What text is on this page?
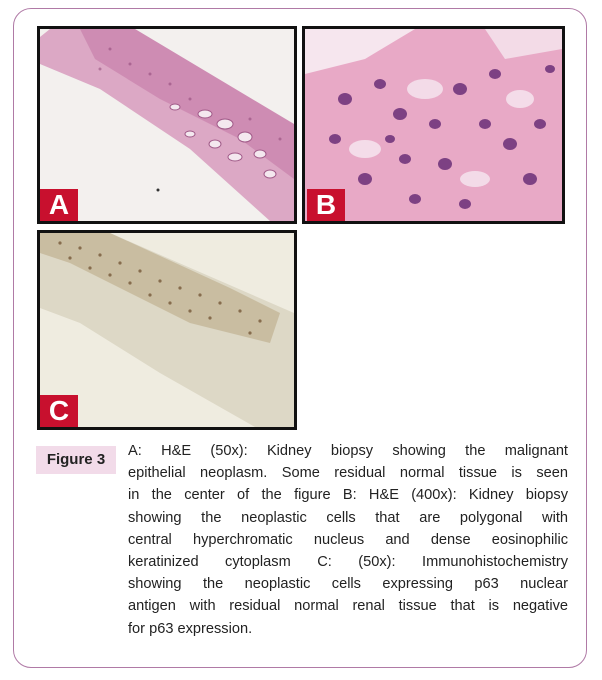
A	B
C
Figure 3	A: H&E (50x): Kidney biopsy showing the malignant
epithelial neoplasm. Some residual normal tissue is seen
in the center of the figure B: H&E (400x): Kidney biopsy
showing the neoplastic cells that are polygonal with
central hyperchromatic nucleus and dense eosinophilic
keratinized cytoplasm C: (50x): Immunohistochemistry
showing the neoplastic cells expressing p63 nuclear
antigen with residual normal renal tissue that is negative
for p63 expression.
